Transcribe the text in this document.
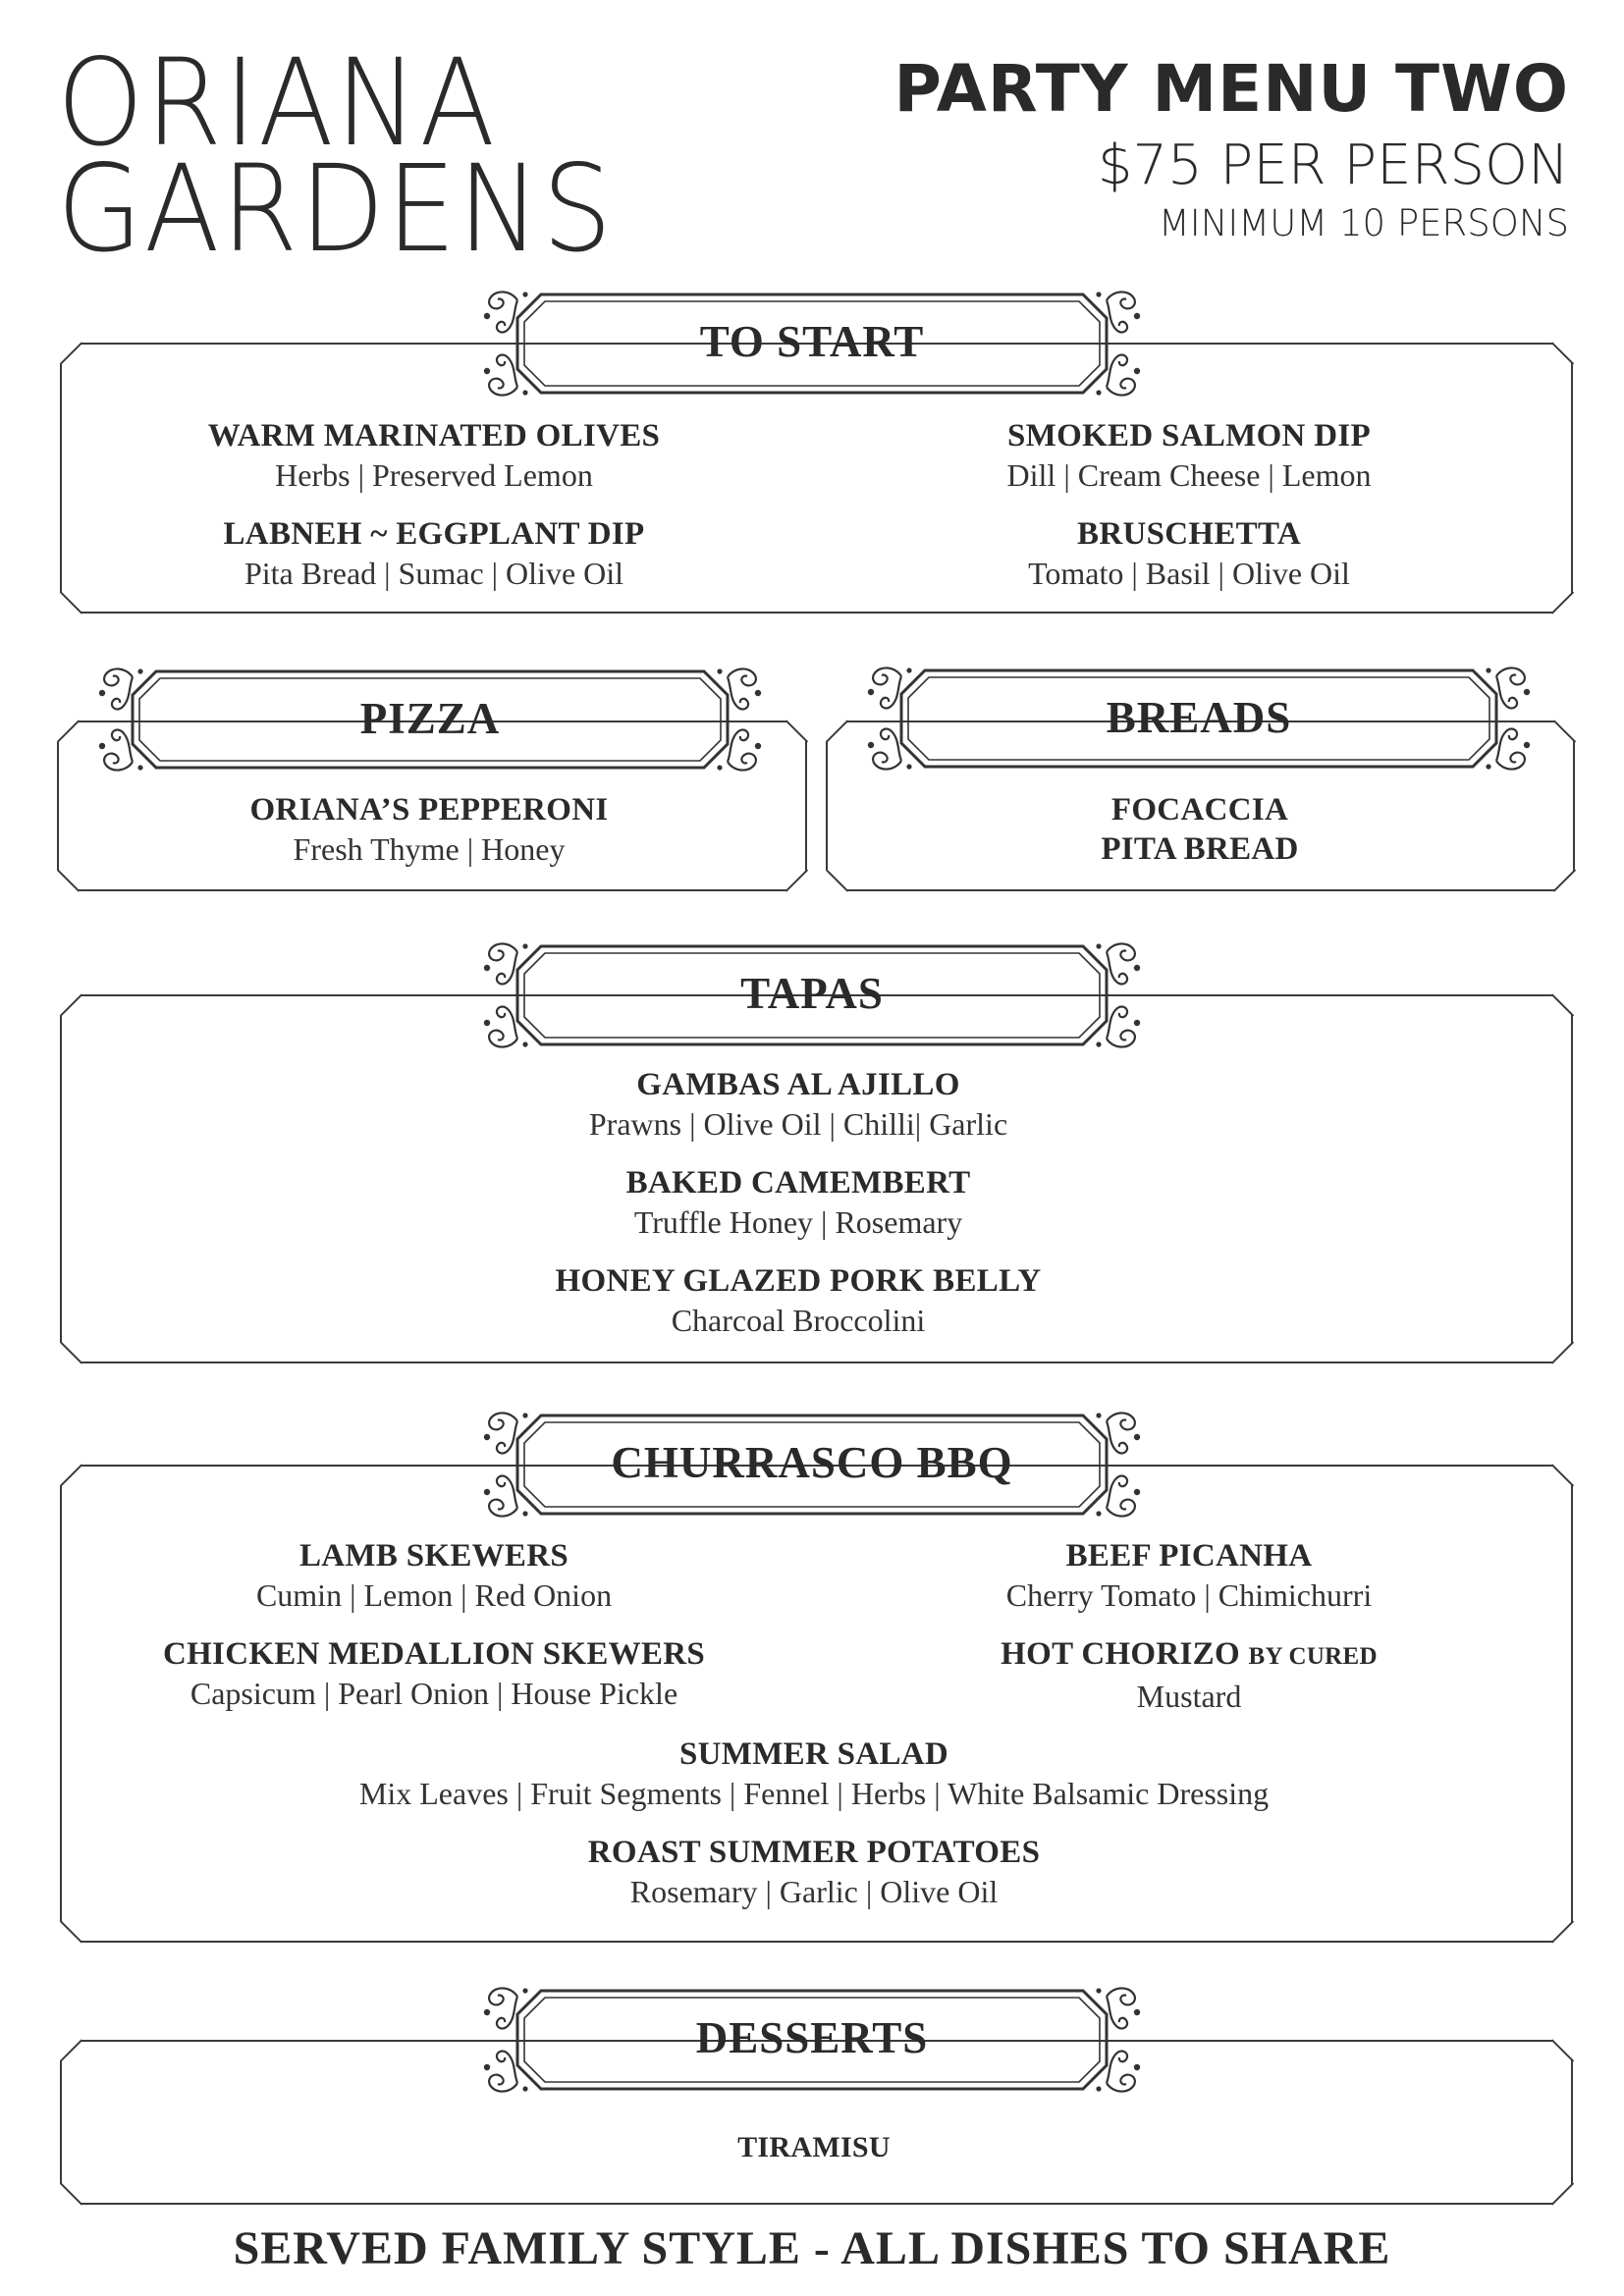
ORIANA
GARDENS
PARTY MENU TWO
$75 PER PERSON
MINIMUM 10 PERSONS
TO START
WARM MARINATED OLIVES
Herbs | Preserved Lemon
SMOKED SALMON DIP
Dill | Cream Cheese | Lemon
LABNEH ~ EGGPLANT DIP
Pita Bread | Sumac | Olive Oil
BRUSCHETTA
Tomato | Basil | Olive Oil
PIZZA
ORIANA’S PEPPERONI
Fresh Thyme | Honey
BREADS
FOCACCIA
PITA BREAD
TAPAS
GAMBAS AL AJILLO
Prawns | Olive Oil | Chilli| Garlic
BAKED CAMEMBERT
Truffle Honey | Rosemary
HONEY GLAZED PORK BELLY
Charcoal Broccolini
CHURRASCO BBQ
LAMB SKEWERS
Cumin | Lemon | Red Onion
BEEF PICANHA
Cherry Tomato | Chimichurri
CHICKEN MEDALLION SKEWERS
Capsicum | Pearl Onion | House Pickle
HOT CHORIZO BY CURED
Mustard
SUMMER SALAD
Mix Leaves | Fruit Segments | Fennel | Herbs | White Balsamic Dressing
ROAST SUMMER POTATOES
Rosemary | Garlic | Olive Oil
DESSERTS
TIRAMISU
SERVED FAMILY STYLE - ALL DISHES TO SHARE
